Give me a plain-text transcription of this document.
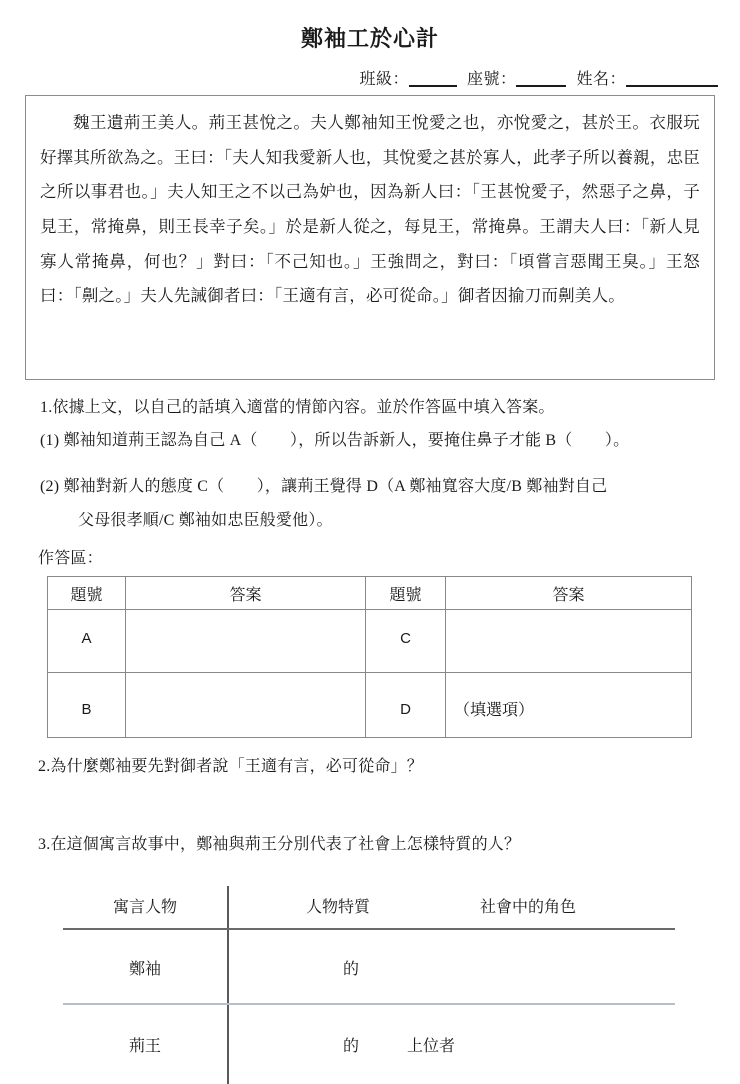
鄭袖工於心計
班級：	座號：	姓名：
魏王遺荊王美人。荊王甚悅之。夫人鄭袖知王悅愛之也，亦悅愛之，甚於王。衣服玩好擇其所欲為之。王曰：「夫人知我愛新人也，其悅愛之甚於寡人，此孝子所以養親，忠臣之所以事君也。」夫人知王之不以己為妒也，因為新人曰：「王甚悅愛子，然惡子之鼻，子見王，常掩鼻，則王長幸子矣。」於是新人從之，每見王，常掩鼻。王謂夫人曰：「新人見寡人常掩鼻，何也？」對曰：「不己知也。」王強問之，對曰：「頃嘗言惡聞王臭。」王怒曰：「劓之。」夫人先誡御者曰：「王適有言，必可從命。」御者因揄刀而劓美人。
1.依據上文，以自己的話填入適當的情節內容。並於作答區中填入答案。
(1) 鄭袖知道荊王認為自己 A（　　），所以告訴新人，要掩住鼻子才能 B（　　）。
(2) 鄭袖對新人的態度 C（　　），讓荊王覺得 D（A 鄭袖寬容大度/B 鄭袖對自己
父母很孝順/C 鄭袖如忠臣般愛他）。
作答區：
題號	答案	題號	答案
A		C	
B		D	（填選項）
2.為什麼鄭袖要先對御者說「王適有言，必可從命」？
3.在這個寓言故事中，鄭袖與荊王分別代表了社會上怎樣特質的人？
寓言人物	人物特質	社會中的角色
鄭袖	的
荊王	的　　　上位者
